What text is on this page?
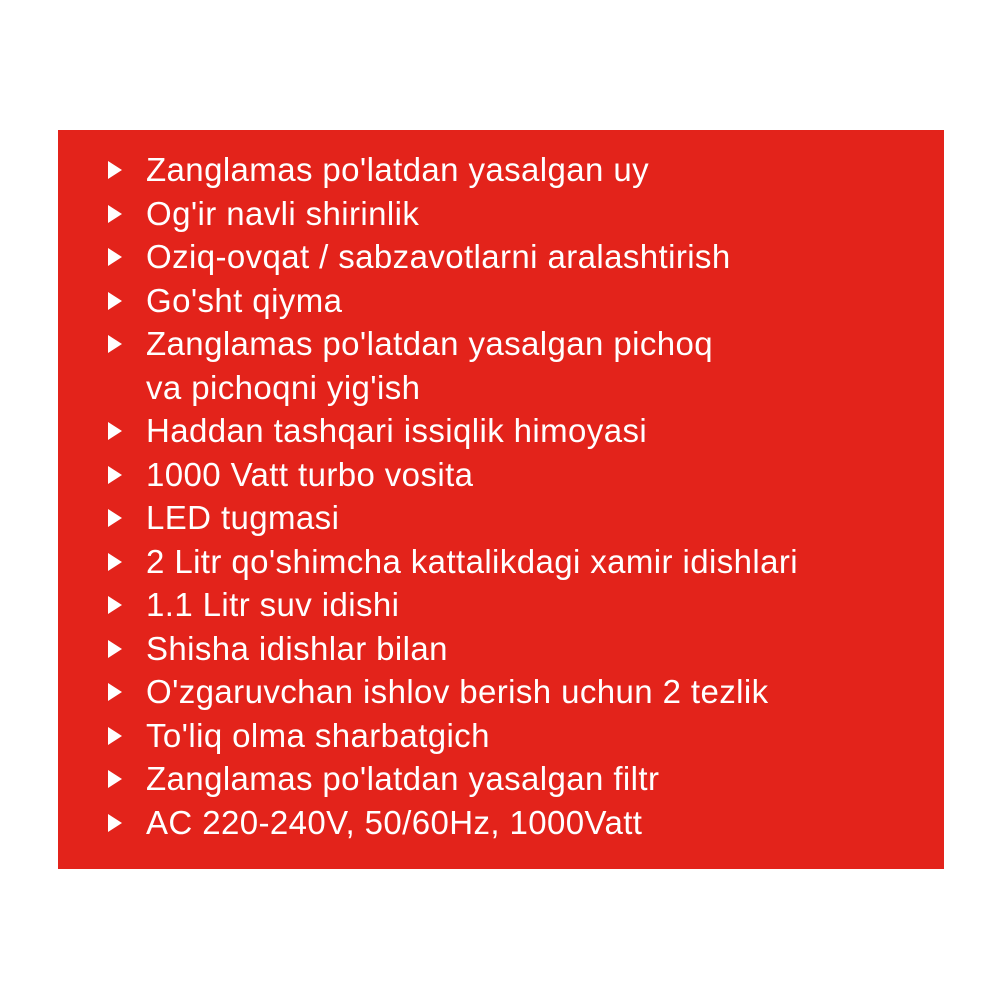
Zanglamas po'latdan yasalgan uy
Og'ir navli shirinlik
Oziq-ovqat / sabzavotlarni aralashtirish
Go'sht qiyma
Zanglamas po'latdan yasalgan pichoq
va pichoqni yig'ish
Haddan tashqari issiqlik himoyasi
1000 Vatt turbo vosita
LED tugmasi
2 Litr qo'shimcha kattalikdagi xamir idishlari
1.1 Litr suv idishi
Shisha idishlar bilan
O'zgaruvchan ishlov berish uchun 2 tezlik
To'liq olma sharbatgich
Zanglamas po'latdan yasalgan filtr
AC 220-240V, 50/60Hz, 1000Vatt
